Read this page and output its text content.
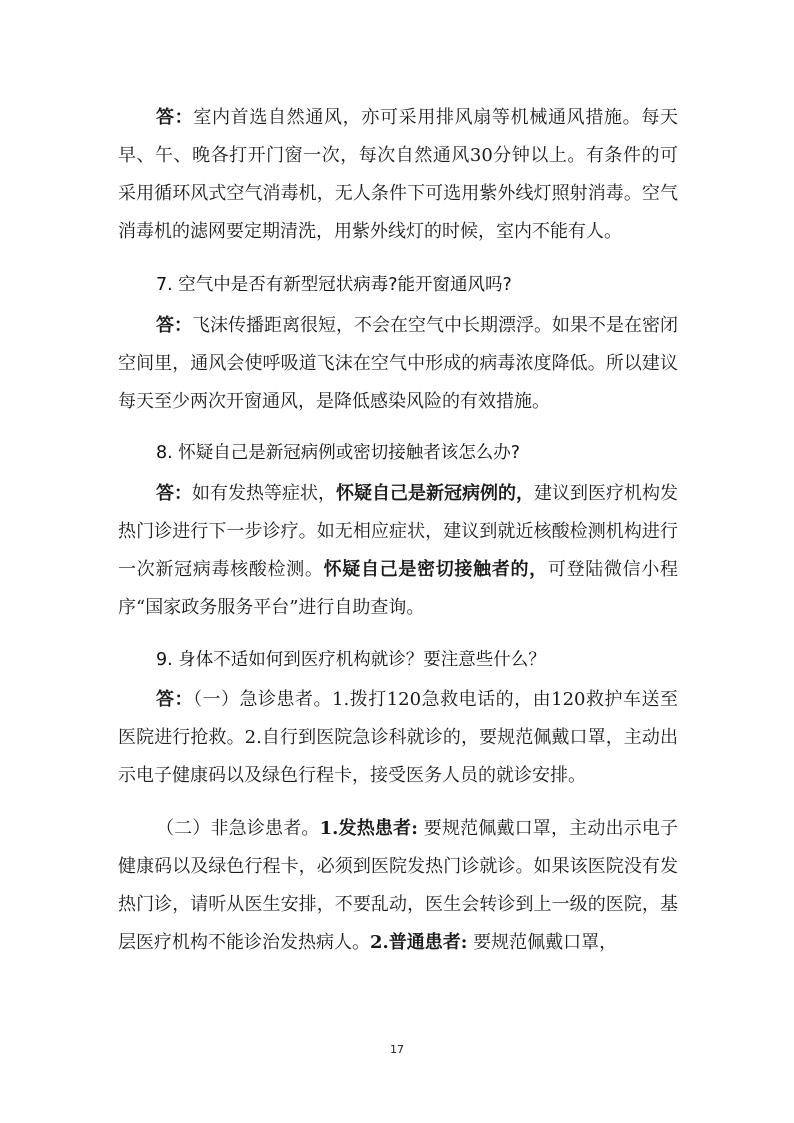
答：室内首选自然通风，亦可采用排风扇等机械通风措施。每天早、午、晚各打开门窗一次，每次自然通风30分钟以上。有条件的可采用循环风式空气消毒机，无人条件下可选用紫外线灯照射消毒。空气消毒机的滤网要定期清洗，用紫外线灯的时候，室内不能有人。

7. 空气中是否有新型冠状病毒?能开窗通风吗?

答：飞沫传播距离很短，不会在空气中长期漂浮。如果不是在密闭空间里，通风会使呼吸道飞沫在空气中形成的病毒浓度降低。所以建议每天至少两次开窗通风，是降低感染风险的有效措施。

8. 怀疑自己是新冠病例或密切接触者该怎么办?

答：如有发热等症状，怀疑自己是新冠病例的，建议到医疗机构发热门诊进行下一步诊疗。如无相应症状，建议到就近核酸检测机构进行一次新冠病毒核酸检测。怀疑自己是密切接触者的，可登陆微信小程序“国家政务服务平台”进行自助查询。

9. 身体不适如何到医疗机构就诊？要注意些什么？

答：（一）急诊患者。1.拨打120急救电话的，由120救护车送至医院进行抢救。2.自行到医院急诊科就诊的，要规范佩戴口罩，主动出示电子健康码以及绿色行程卡，接受医务人员的就诊安排。

（二）非急诊患者。1.发热患者: 要规范佩戴口罩，主动出示电子健康码以及绿色行程卡，必须到医院发热门诊就诊。如果该医院没有发热门诊，请听从医生安排，不要乱动，医生会转诊到上一级的医院，基层医疗机构不能诊治发热病人。2.普通患者: 要规范佩戴口罩，

17
